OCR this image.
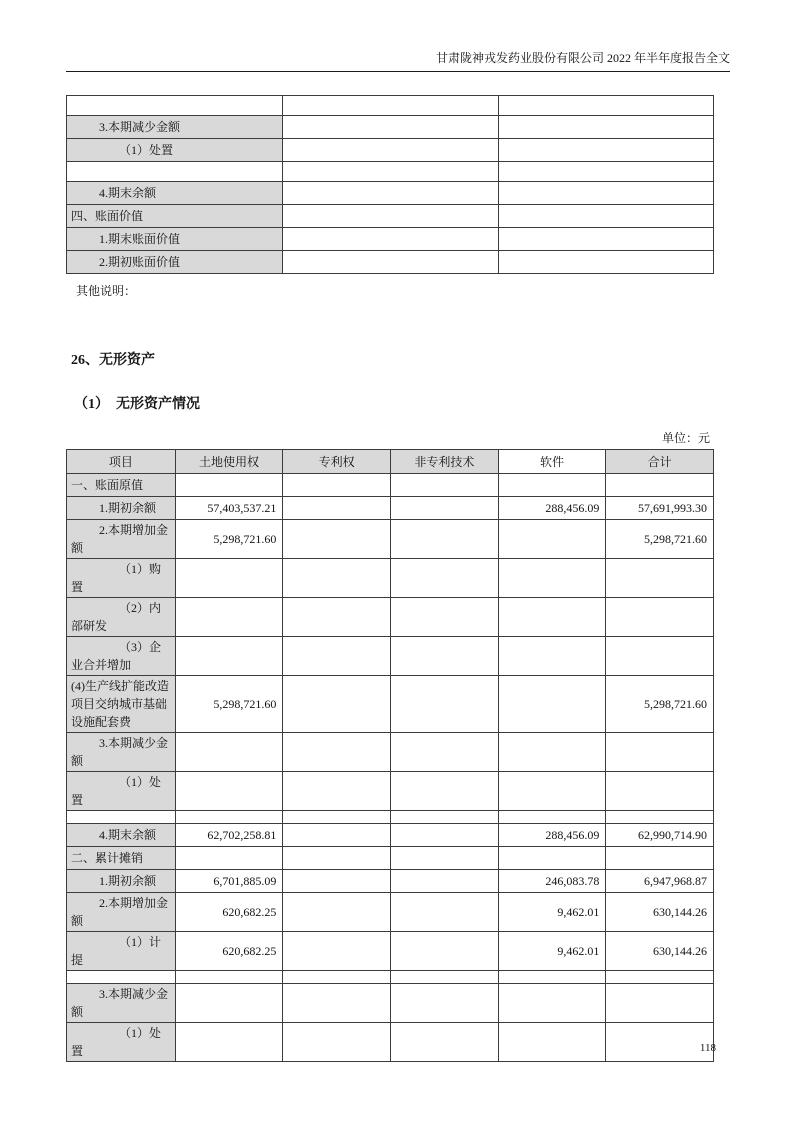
甘肃陇神戎发药业股份有限公司 2022 年半年度报告全文

3.本期减少金额		
（1）处置		

4.期末余额		
四、账面价值		
1.期末账面价值		
2.期初账面价值		

其他说明：

26、无形资产
（1）　无形资产情况
单位：元
项目	土地使用权	专利权	非专利技术	软件	合计
一、账面原值					
1.期初余额	57,403,537.21			288,456.09	57,691,993.30
2.本期增加金额	5,298,721.60				5,298,721.60
（1）购置					
（2）内部研发					
（3）企业合并增加					
(4)生产线扩能改造项目交纳城市基础设施配套费	5,298,721.60				5,298,721.60
3.本期减少金额					
（1）处置					

4.期末余额	62,702,258.81			288,456.09	62,990,714.90
二、累计摊销					
1.期初余额	6,701,885.09			246,083.78	6,947,968.87
2.本期增加金额	620,682.25			9,462.01	630,144.26
（1）计提	620,682.25			9,462.01	630,144.26

3.本期减少金额					
（1）处置						118
